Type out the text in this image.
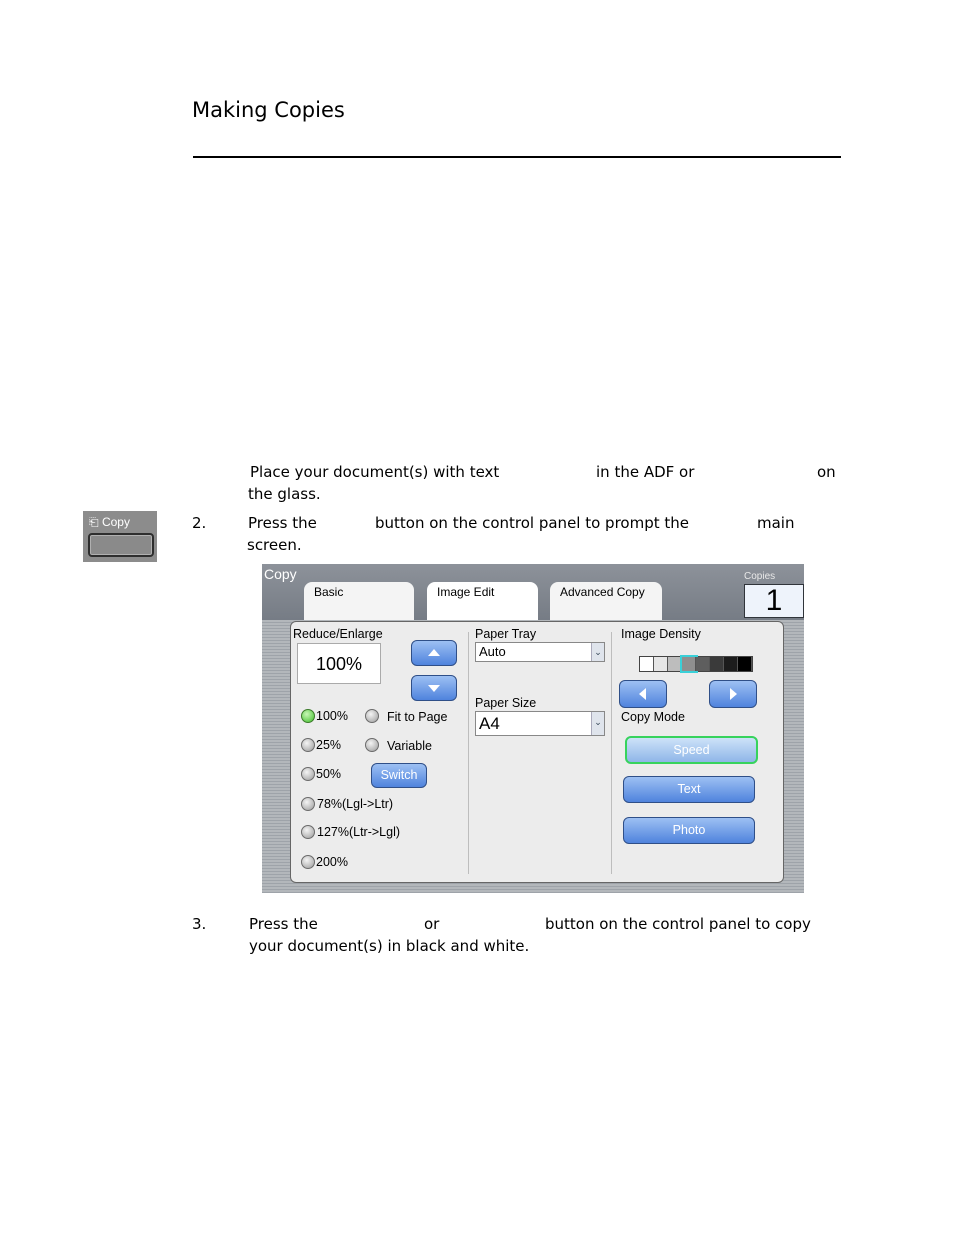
Making Copies
Place your document(s) with text	in the ADF or	on
the glass.
⎗ Copy	2.	Press the	button on the control panel to prompt the	main
screen.
Copy
Basic	Image Edit	Advanced Copy
Copies
1
Reduce/Enlarge
100%
100%	Fit to Page
25%	Variable
50%	Switch
78%(Lgl->Ltr)
127%(Ltr->Lgl)
200%
Paper Tray
Auto	⌄
Paper Size
A4	⌄
Image Density
Copy Mode
Speed
Text
Photo
3.	Press the	or	button on the control panel to copy
your document(s) in black and white.
